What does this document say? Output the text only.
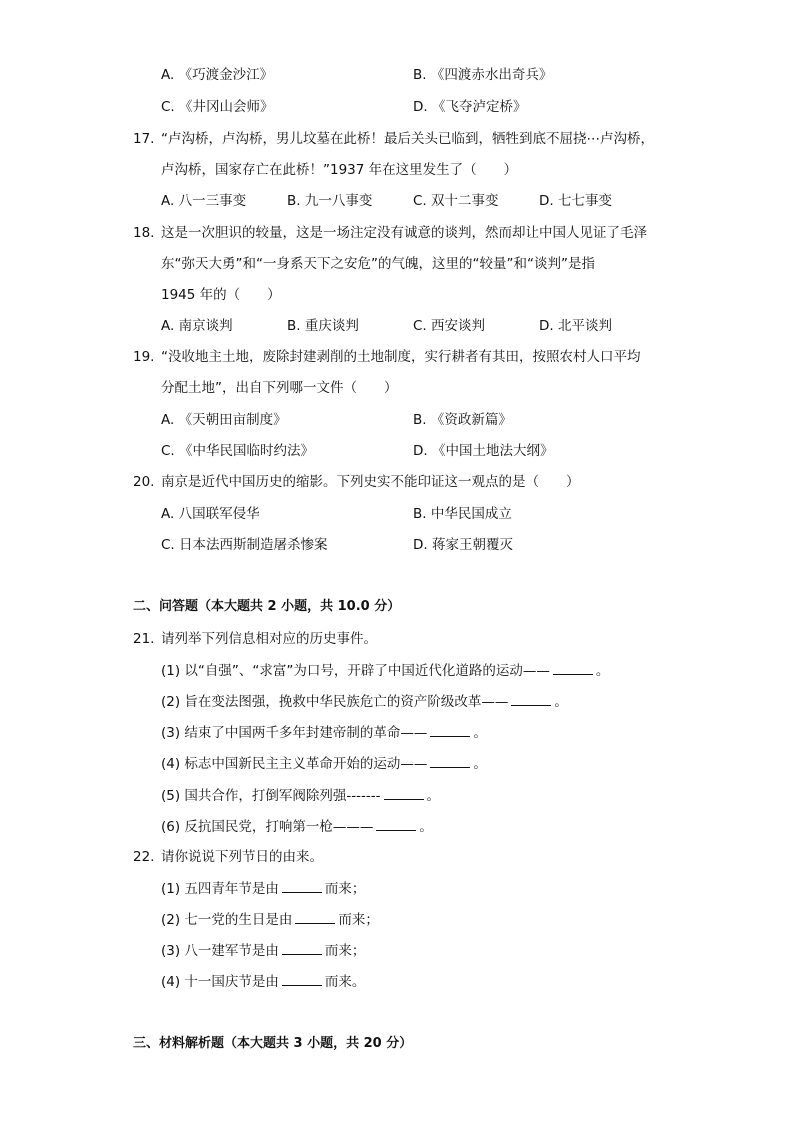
A. 《巧渡金沙江》	B. 《四渡赤水出奇兵》
C. 《井冈山会师》	D. 《飞夺泸定桥》
17. “卢沟桥，卢沟桥，男儿坟墓在此桥！最后关头已临到，牺牲到底不屈挠⋯卢沟桥，
卢沟桥，国家存亡在此桥！”1937 年在这里发生了（　　）
A. 八一三事变	B. 九一八事变	C. 双十二事变	D. 七七事变
18. 这是一次胆识的较量，这是一场注定没有诚意的谈判，然而却让中国人见证了毛泽
东“弥天大勇”和“一身系天下之安危”的气魄，这里的“较量”和“谈判”是指
1945 年的（　　）
A. 南京谈判	B. 重庆谈判	C. 西安谈判	D. 北平谈判
19. “没收地主土地，废除封建剥削的土地制度，实行耕者有其田，按照农村人口平均
分配土地”，出自下列哪一文件（　　）
A. 《天朝田亩制度》	B. 《资政新篇》
C. 《中华民国临时约法》	D. 《中国土地法大纲》
20. 南京是近代中国历史的缩影。下列史实不能印证这一观点的是（　　）
A. 八国联军侵华	B. 中华民国成立
C. 日本法西斯制造屠杀惨案	D. 蒋家王朝覆灭
二、问答题（本大题共 2 小题，共 10.0 分）
21. 请列举下列信息相对应的历史事件。
(1) 以“自强”、“求富”为口号，开辟了中国近代化道路的运动——	。
(2) 旨在变法图强，挽救中华民族危亡的资产阶级改革——	。
(3) 结束了中国两千多年封建帝制的革命——	。
(4) 标志中国新民主主义革命开始的运动——	。
(5) 国共合作，打倒军阀除列强-------	。
(6) 反抗国民党，打响第一枪———	。
22. 请你说说下列节日的由来。
(1) 五四青年节是由	而来；
(2) 七一党的生日是由	而来；
(3) 八一建军节是由	而来；
(4) 十一国庆节是由	而来。
三、材料解析题（本大题共 3 小题，共 20 分）
